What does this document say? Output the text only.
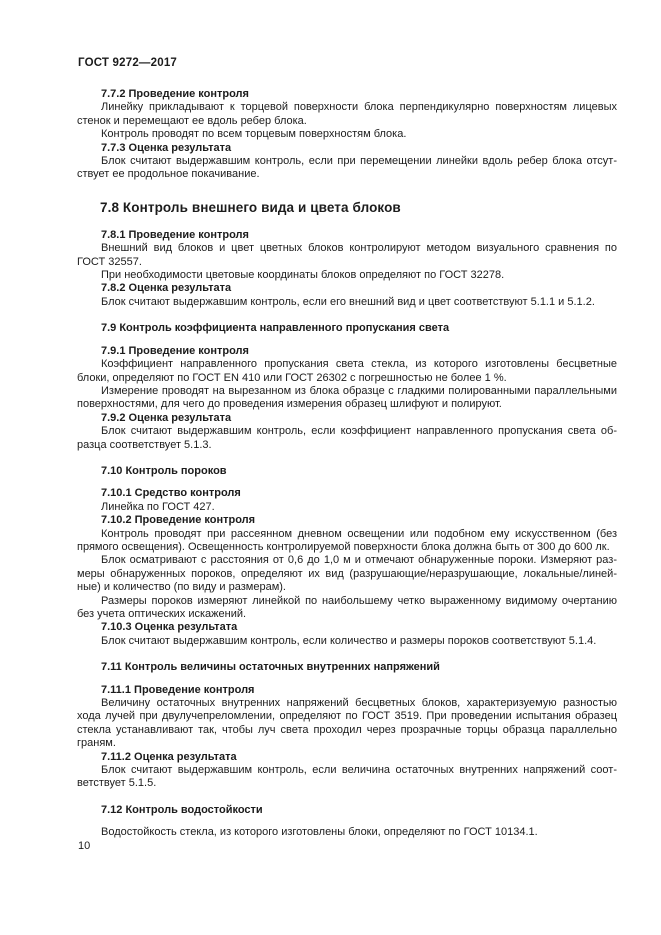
ГОСТ 9272—2017

7.7.2 Проведение контроля

Линейку прикладывают к торцевой поверхности блока перпендикулярно поверхностям лицевых стенок и перемещают ее вдоль ребер блока.

Контроль проводят по всем торцевым поверхностям блока.

7.7.3 Оценка результата

Блок считают выдержавшим контроль, если при перемещении линейки вдоль ребер блока отсутствует ее продольное покачивание.

7.8 Контроль внешнего вида и цвета блоков

7.8.1 Проведение контроля

Внешний вид блоков и цвет цветных блоков контролируют методом визуального сравнения по ГОСТ 32557.

При необходимости цветовые координаты блоков определяют по ГОСТ 32278.

7.8.2 Оценка результата

Блок считают выдержавшим контроль, если его внешний вид и цвет соответствуют 5.1.1 и 5.1.2.

7.9 Контроль коэффициента направленного пропускания света

7.9.1 Проведение контроля

Коэффициент направленного пропускания света стекла, из которого изготовлены бесцветные блоки, определяют по ГОСТ EN 410 или ГОСТ 26302 с погрешностью не более 1 %.

Измерение проводят на вырезанном из блока образце с гладкими полированными параллельными поверхностями, для чего до проведения измерения образец шлифуют и полируют.

7.9.2 Оценка результата

Блок считают выдержавшим контроль, если коэффициент направленного пропускания света образца соответствует 5.1.3.

7.10 Контроль пороков

7.10.1 Средство контроля

Линейка по ГОСТ 427.

7.10.2 Проведение контроля

Контроль проводят при рассеянном дневном освещении или подобном ему искусственном (без прямого освещения). Освещенность контролируемой поверхности блока должна быть от 300 до 600 лк.

Блок осматривают с расстояния от 0,6 до 1,0 м и отмечают обнаруженные пороки. Измеряют размеры обнаруженных пороков, определяют их вид (разрушающие/неразрушающие, локальные/линейные) и количество (по виду и размерам).

Размеры пороков измеряют линейкой по наибольшему четко выраженному видимому очертанию без учета оптических искажений.

7.10.3 Оценка результата

Блок считают выдержавшим контроль, если количество и размеры пороков соответствуют 5.1.4.

7.11 Контроль величины остаточных внутренних напряжений

7.11.1 Проведение контроля

Величину остаточных внутренних напряжений бесцветных блоков, характеризуемую разностью хода лучей при двулучепреломлении, определяют по ГОСТ 3519. При проведении испытания образец стекла устанавливают так, чтобы луч света проходил через прозрачные торцы образца параллельно граням.

7.11.2 Оценка результата

Блок считают выдержавшим контроль, если величина остаточных внутренних напряжений соответствует 5.1.5.

7.12 Контроль водостойкости

Водостойкость стекла, из которого изготовлены блоки, определяют по ГОСТ 10134.1.

10
